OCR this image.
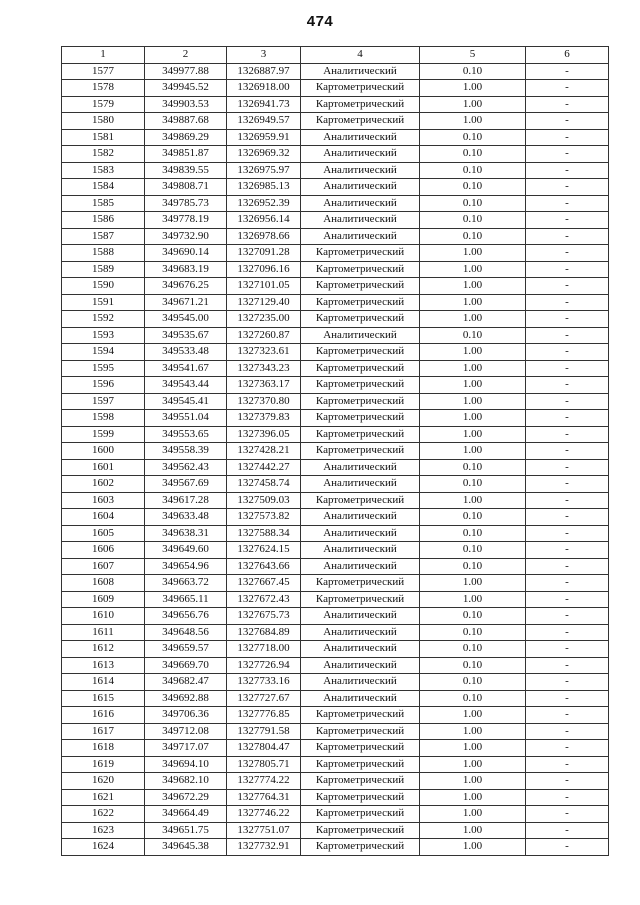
474
1	2	3	4	5	6
1577	349977.88	1326887.97	Аналитический	0.10	-
1578	349945.52	1326918.00	Картометрический	1.00	-
1579	349903.53	1326941.73	Картометрический	1.00	-
1580	349887.68	1326949.57	Картометрический	1.00	-
1581	349869.29	1326959.91	Аналитический	0.10	-
1582	349851.87	1326969.32	Аналитический	0.10	-
1583	349839.55	1326975.97	Аналитический	0.10	-
1584	349808.71	1326985.13	Аналитический	0.10	-
1585	349785.73	1326952.39	Аналитический	0.10	-
1586	349778.19	1326956.14	Аналитический	0.10	-
1587	349732.90	1326978.66	Аналитический	0.10	-
1588	349690.14	1327091.28	Картометрический	1.00	-
1589	349683.19	1327096.16	Картометрический	1.00	-
1590	349676.25	1327101.05	Картометрический	1.00	-
1591	349671.21	1327129.40	Картометрический	1.00	-
1592	349545.00	1327235.00	Картометрический	1.00	-
1593	349535.67	1327260.87	Аналитический	0.10	-
1594	349533.48	1327323.61	Картометрический	1.00	-
1595	349541.67	1327343.23	Картометрический	1.00	-
1596	349543.44	1327363.17	Картометрический	1.00	-
1597	349545.41	1327370.80	Картометрический	1.00	-
1598	349551.04	1327379.83	Картометрический	1.00	-
1599	349553.65	1327396.05	Картометрический	1.00	-
1600	349558.39	1327428.21	Картометрический	1.00	-
1601	349562.43	1327442.27	Аналитический	0.10	-
1602	349567.69	1327458.74	Аналитический	0.10	-
1603	349617.28	1327509.03	Картометрический	1.00	-
1604	349633.48	1327573.82	Аналитический	0.10	-
1605	349638.31	1327588.34	Аналитический	0.10	-
1606	349649.60	1327624.15	Аналитический	0.10	-
1607	349654.96	1327643.66	Аналитический	0.10	-
1608	349663.72	1327667.45	Картометрический	1.00	-
1609	349665.11	1327672.43	Картометрический	1.00	-
1610	349656.76	1327675.73	Аналитический	0.10	-
1611	349648.56	1327684.89	Аналитический	0.10	-
1612	349659.57	1327718.00	Аналитический	0.10	-
1613	349669.70	1327726.94	Аналитический	0.10	-
1614	349682.47	1327733.16	Аналитический	0.10	-
1615	349692.88	1327727.67	Аналитический	0.10	-
1616	349706.36	1327776.85	Картометрический	1.00	-
1617	349712.08	1327791.58	Картометрический	1.00	-
1618	349717.07	1327804.47	Картометрический	1.00	-
1619	349694.10	1327805.71	Картометрический	1.00	-
1620	349682.10	1327774.22	Картометрический	1.00	-
1621	349672.29	1327764.31	Картометрический	1.00	-
1622	349664.49	1327746.22	Картометрический	1.00	-
1623	349651.75	1327751.07	Картометрический	1.00	-
1624	349645.38	1327732.91	Картометрический	1.00	-
